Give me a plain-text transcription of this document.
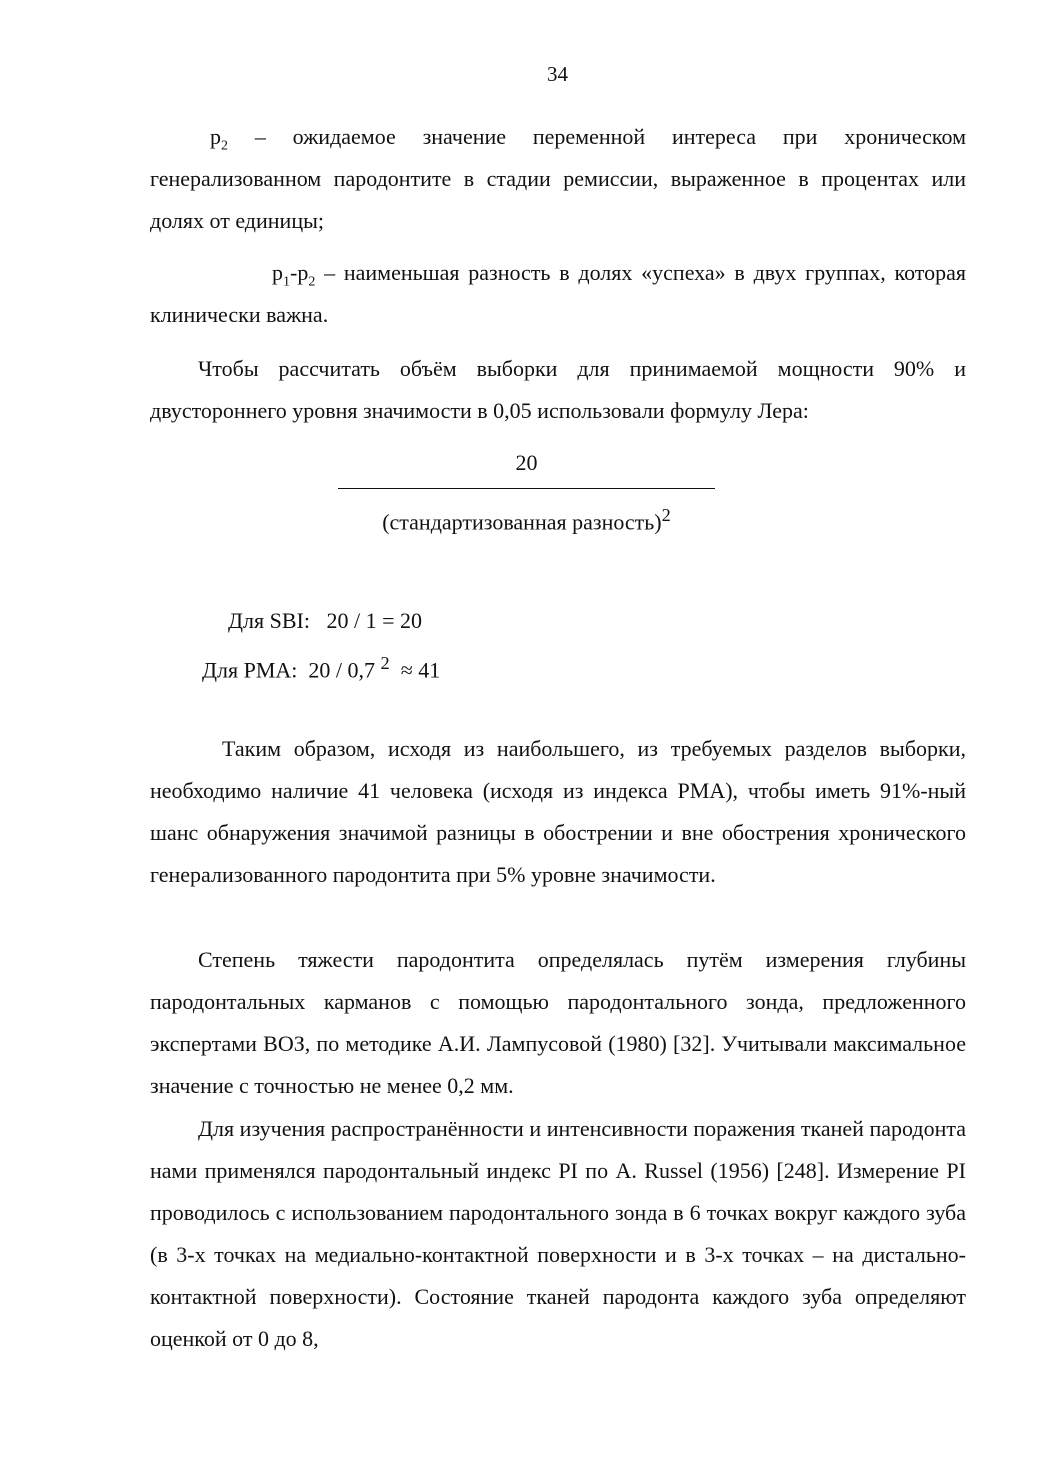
34
$p_2$ – ожидаемое значение переменной интереса при хроническом генерализованном пародонтите в стадии ремиссии, выраженное в процентах или долях от единицы;
$p_1-p_2$ – наименьшая разность в долях «успеха» в двух группах, которая клинически важна.
Чтобы рассчитать объём выборки для принимаемой мощности 90% и двустороннего уровня значимости в 0,05 использовали формулу Лера:
20
(стандартизованная разность)$^2$
Для SBI:   20 / 1 = 20
Для PMA:  20 / 0,7 $^2$  ≈ 41
Таким образом, исходя из наибольшего, из требуемых разделов выборки, необходимо наличие 41 человека (исходя из индекса PMA), чтобы иметь 91%-ный шанс обнаружения значимой разницы в обострении и вне обострения хронического генерализованного пародонтита при 5% уровне значимости.
Степень тяжести пародонтита определялась путём измерения глубины пародонтальных карманов с помощью пародонтального зонда, предложенного экспертами ВОЗ, по методике А.И. Лампусовой (1980) [32]. Учитывали максимальное значение с точностью не менее 0,2 мм.
Для изучения распространённости и интенсивности поражения тканей пародонта нами применялся пародонтальный индекс PI по A. Russel (1956) [248]. Измерение PI проводилось с использованием пародонтального зонда в 6 точках вокруг каждого зуба (в 3-х точках на медиально-контактной поверхности и в 3-х точках – на дистально-контактной поверхности). Состояние тканей пародонта каждого зуба определяют оценкой от 0 до 8,
